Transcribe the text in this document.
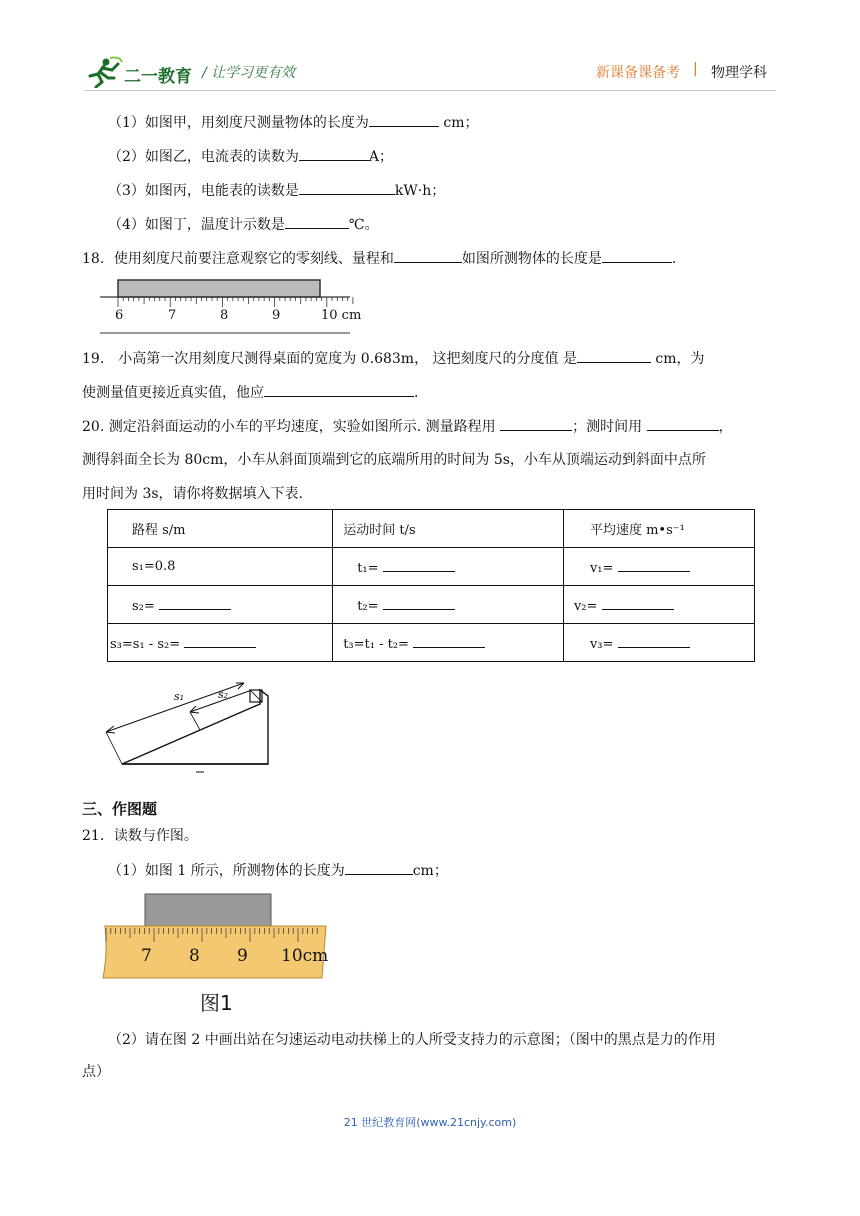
二一教育 / 让学习更有效	新课备课备考 | 物理学科
（1）如图甲，用刻度尺测量物体的长度为	cm；
（2）如图乙，电流表的读数为	A；
（3）如图丙，电能表的读数是	kW·h；
（4）如图丁，温度计示数是	℃。
18．使用刻度尺前要注意观察它的零刻线、量程和	如图所测物体的长度是	.
6	7	8	9	10 cm
19． 小高第一次用刻度尺测得桌面的宽度为 0.683m， 这把刻度尺的分度值 是	cm，为
使测量值更接近真实值，他应	.
20. 测定沿斜面运动的小车的平均速度，实验如图所示. 测量路程用	；测时间用	，
测得斜面全长为 80cm，小车从斜面顶端到它的底端所用的时间为 5s，小车从顶端运动到斜面中点所
用时间为 3s，请你将数据填入下表.
路程 s/m	运动时间 t/s	平均速度 m•s⁻¹
s₁=0.8	t₁=	v₁=
s₂=	t₂=	v₂=
s₃=s₁ - s₂=	t₃=t₁ - t₂=	v₃=
s₁	s₂
三、作图题
21．读数与作图。
（1）如图 1 所示，所测物体的长度为	cm；
7 8 9 10cm
图1
（2）请在图 2 中画出站在匀速运动电动扶梯上的人所受支持力的示意图；（图中的黑点是力的作用
点）
21 世纪教育网(www.21cnjy.com)
